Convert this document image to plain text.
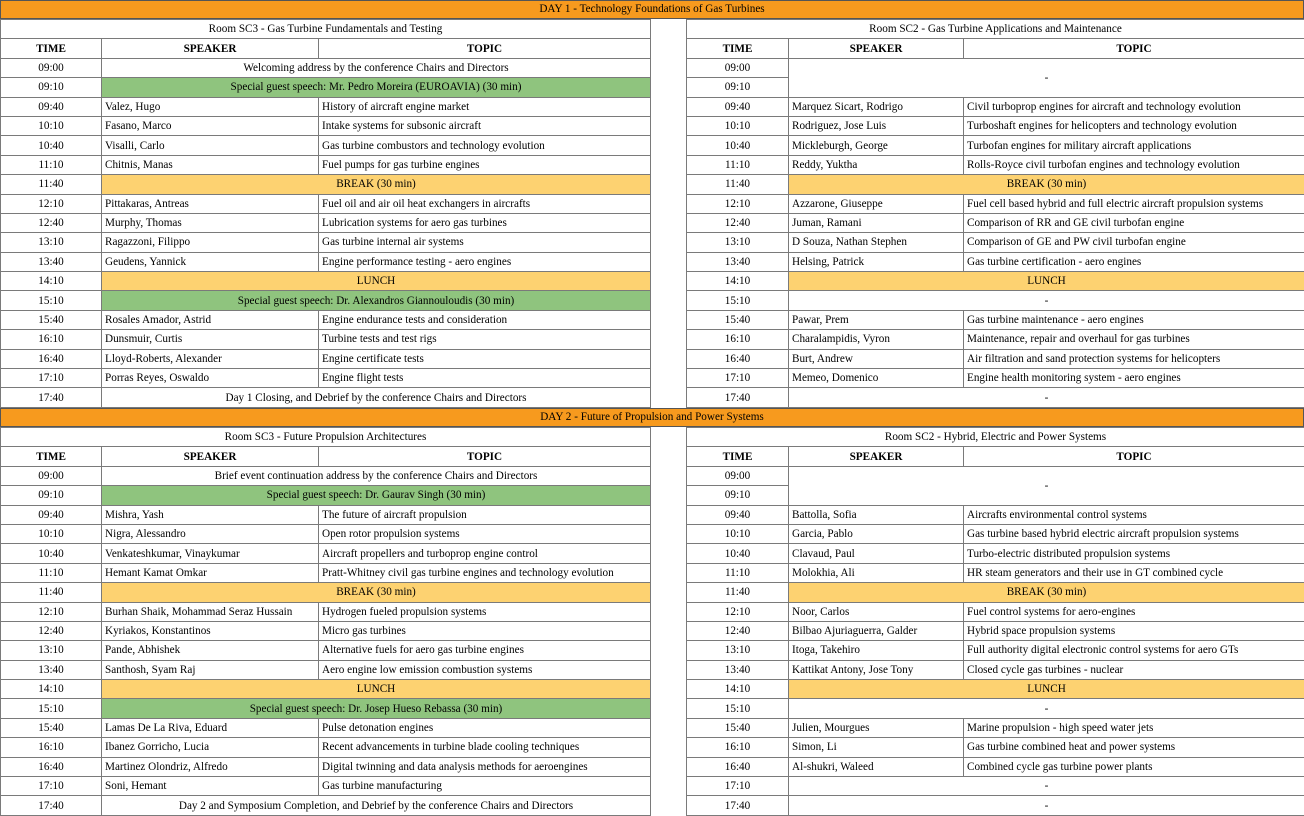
DAY 1 - Technology Foundations of Gas Turbines
Room SC3 - Gas Turbine Fundamentals and Testing		
TIME	SPEAKER	TOPIC
09:00	Welcoming address by the conference Chairs and Directors	
09:10	Special guest speech: Mr. Pedro Moreira (EUROAVIA) (30 min)	
09:40	Valez, Hugo	History of aircraft engine market
10:10	Fasano, Marco	Intake systems for subsonic aircraft
10:40	Visalli, Carlo	Gas turbine combustors and technology evolution
11:10	Chitnis, Manas	Fuel pumps for gas turbine engines
11:40	BREAK (30 min)	
12:10	Pittakaras, Antreas	Fuel oil and air oil heat exchangers in aircrafts
12:40	Murphy, Thomas	Lubrication systems for aero gas turbines
13:10	Ragazzoni, Filippo	Gas turbine internal air systems
13:40	Geudens, Yannick	Engine performance testing - aero engines
14:10	LUNCH	
15:10	Special guest speech: Dr. Alexandros Giannouloudis (30 min)	
15:40	Rosales Amador, Astrid	Engine endurance tests and consideration
16:10	Dunsmuir, Curtis	Turbine tests and test rigs
16:40	Lloyd-Roberts, Alexander	Engine certificate tests
17:10	Porras Reyes, Oswaldo	Engine flight tests
17:40	Day 1 Closing, and Debrief by the conference Chairs and Directors	
Room SC2 - Gas Turbine Applications and Maintenance		
TIME	SPEAKER	TOPIC
09:00	-	
09:10		
09:40	Marquez Sicart, Rodrigo	Civil turboprop engines for aircraft and technology evolution
10:10	Rodriguez, Jose Luis	Turboshaft engines for helicopters and technology evolution
10:40	Mickleburgh, George	Turbofan engines for military aircraft applications
11:10	Reddy, Yuktha	Rolls-Royce civil turbofan engines and technology evolution
11:40	BREAK (30 min)	
12:10	Azzarone, Giuseppe	Fuel cell based hybrid and full electric aircraft propulsion systems
12:40	Juman, Ramani	Comparison of RR and GE civil turbofan engine
13:10	D Souza, Nathan Stephen	Comparison of GE and PW civil turbofan engine
13:40	Helsing, Patrick	Gas turbine certification - aero engines
14:10	LUNCH	
15:10	-	
15:40	Pawar, Prem	Gas turbine maintenance - aero engines
16:10	Charalampidis, Vyron	Maintenance, repair and overhaul for gas turbines
16:40	Burt, Andrew	Air filtration and sand protection systems for helicopters
17:10	Memeo, Domenico	Engine health monitoring system - aero engines
17:40	-	
DAY 2 - Future of Propulsion and Power Systems
Room SC3 - Future Propulsion Architectures		
TIME	SPEAKER	TOPIC
09:00	Brief event continuation address by the conference Chairs and Directors	
09:10	Special guest speech: Dr. Gaurav Singh (30 min)	
09:40	Mishra, Yash	The future of aircraft propulsion
10:10	Nigra, Alessandro	Open rotor propulsion systems
10:40	Venkateshkumar, Vinaykumar	Aircraft propellers and turboprop engine control
11:10	Hemant Kamat Omkar	Pratt-Whitney civil gas turbine engines and technology evolution
11:40	BREAK (30 min)	
12:10	Burhan Shaik, Mohammad Seraz Hussain	Hydrogen fueled propulsion systems
12:40	Kyriakos, Konstantinos	Micro gas turbines
13:10	Pande, Abhishek	Alternative fuels for aero gas turbine engines
13:40	Santhosh, Syam Raj	Aero engine low emission combustion systems
14:10	LUNCH	
15:10	Special guest speech: Dr. Josep Hueso Rebassa (30 min)	
15:40	Lamas De La Riva, Eduard	Pulse detonation engines
16:10	Ibanez Gorricho, Lucia	Recent advancements in turbine blade cooling techniques
16:40	Martinez Olondriz, Alfredo	Digital twinning and data analysis methods for aeroengines
17:10	Soni, Hemant	Gas turbine manufacturing
17:40	Day 2 and Symposium Completion, and Debrief by the conference Chairs and Directors	
Room SC2 - Hybrid, Electric and Power Systems		
TIME	SPEAKER	TOPIC
09:00	-	
09:10		
09:40	Battolla, Sofia	Aircrafts environmental control systems
10:10	Garcia, Pablo	Gas turbine based hybrid electric aircraft propulsion systems
10:40	Clavaud, Paul	Turbo-electric distributed propulsion systems
11:10	Molokhia, Ali	HR steam generators and their use in GT combined cycle
11:40	BREAK (30 min)	
12:10	Noor, Carlos	Fuel control systems for aero-engines
12:40	Bilbao Ajuriaguerra, Galder	Hybrid space propulsion systems
13:10	Itoga, Takehiro	Full authority digital electronic control systems for aero GTs
13:40	Kattikat Antony, Jose Tony	Closed cycle gas turbines - nuclear
14:10	LUNCH	
15:10	-	
15:40	Julien, Mourgues	Marine propulsion - high speed water jets
16:10	Simon, Li	Gas turbine combined heat and power systems
16:40	Al-shukri, Waleed	Combined cycle gas turbine power plants
17:10	-	
17:40	-	
